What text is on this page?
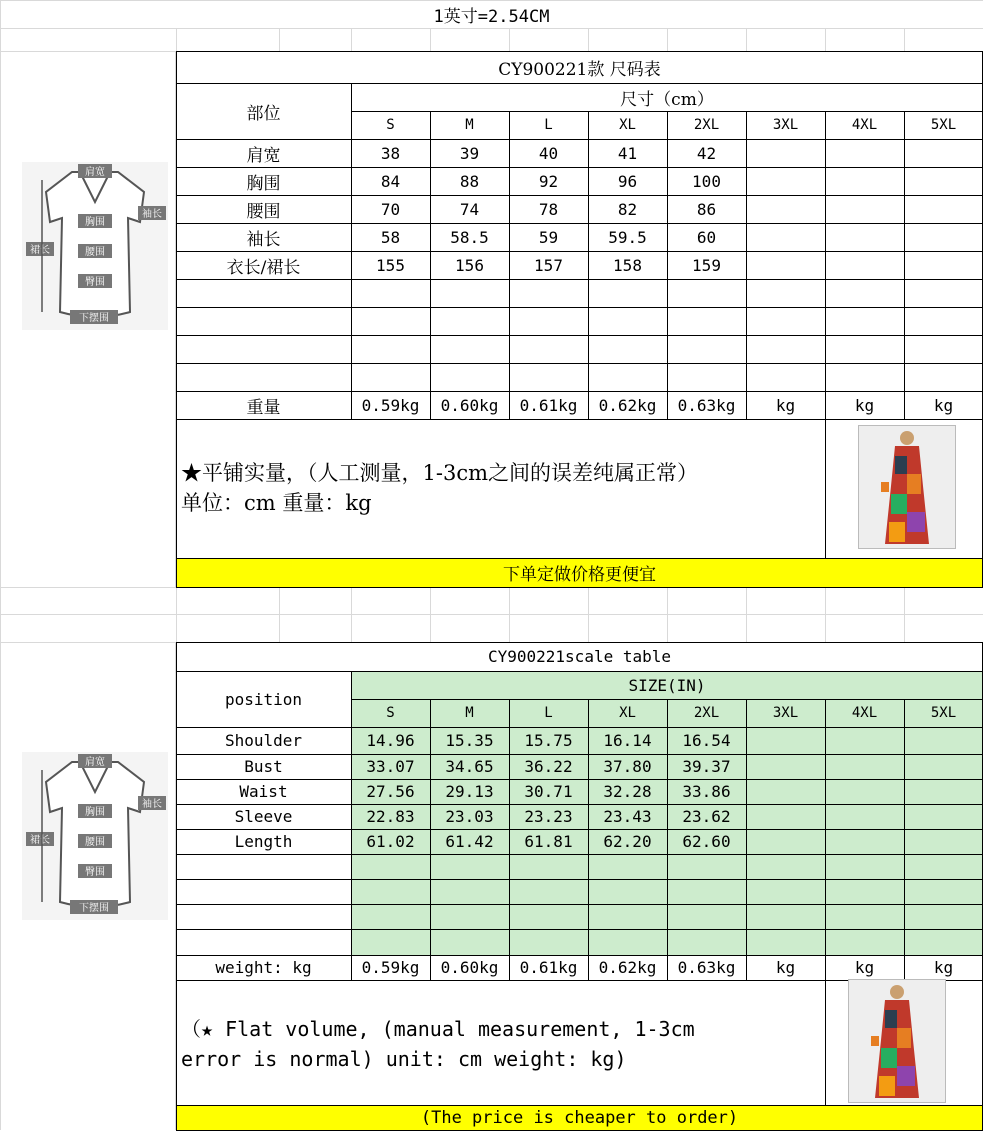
1英寸=2.54CM
CY900221款 尺码表
部位
尺寸（cm）
S	M	L	XL	2XL	3XL	4XL	5XL
肩宽	38	39	40	41	42
胸围	84	88	92	96	100
腰围	70	74	78	82	86
袖长	58	58.5	59	59.5	60
衣长/裙长	155	156	157	158	159
重量	0.59kg	0.60kg	0.61kg	0.62kg	0.63kg	kg	kg	kg
★平铺实量，（人工测量，1-3cm之间的误差纯属正常）
单位：cm 重量：kg
下单定做价格更便宜
CY900221scale table
position
SIZE(IN)
S	M	L	XL	2XL	3XL	4XL	5XL
Shoulder	14.96	15.35	15.75	16.14	16.54
Bust	33.07	34.65	36.22	37.80	39.37
Waist	27.56	29.13	30.71	32.28	33.86
Sleeve	22.83	23.03	23.23	23.43	23.62
Length	61.02	61.42	61.81	62.20	62.60
weight: kg	0.59kg	0.60kg	0.61kg	0.62kg	0.63kg	kg	kg	kg
（★ Flat volume, (manual measurement, 1-3cm
error is normal) unit: cm weight: kg)
(The price is cheaper to order)
肩宽
胸围
袖长
腰围
裙长
臀围
下摆围
肩宽
胸围
袖长
腰围
裙长
臀围
下摆围
